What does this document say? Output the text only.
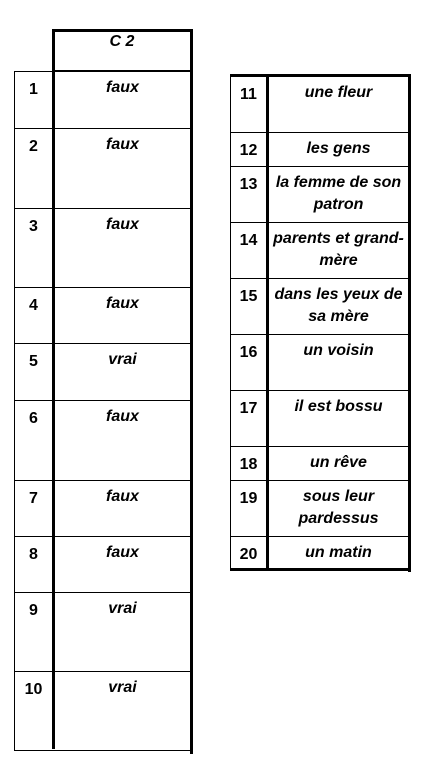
C 2
1	faux
2	faux
3	faux
4	faux
5	vrai
6	faux
7	faux
8	faux
9	vrai
10	vrai
11	une fleur
12	les gens
13	la femme de son patron
14 parents et grand-mère
15	dans les yeux de sa mère
16	un voisin
17	il est bossu
18	un rêve
19	sous leur pardessus
20	un matin
